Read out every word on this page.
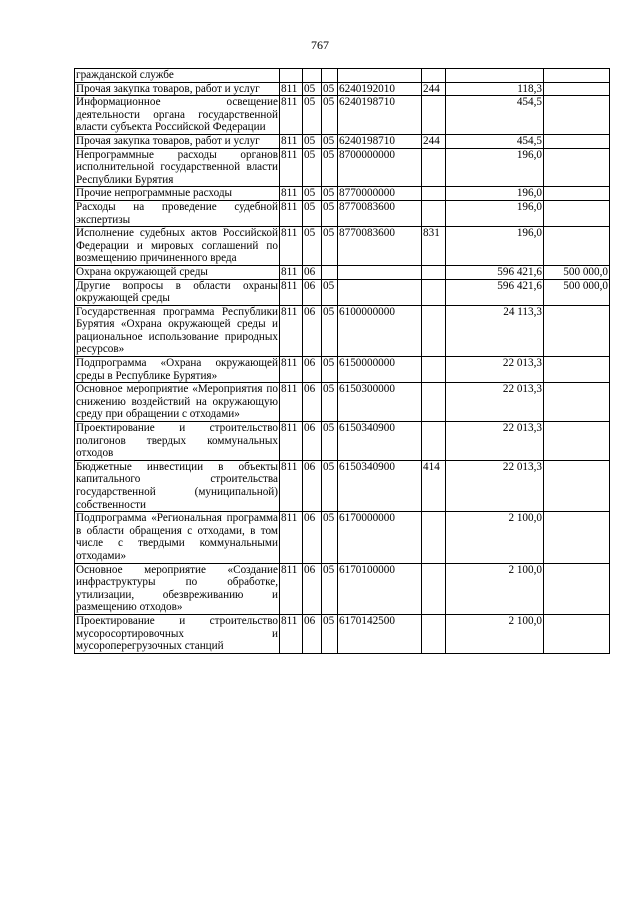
767
гражданской службе							
Прочая закупка товаров, работ и услуг	811	05	05	6240192010	244	118,3	
Информационное освещение деятельности органа государственной власти субъекта Российской Федерации	811	05	05	6240198710		454,5	
Прочая закупка товаров, работ и услуг	811	05	05	6240198710	244	454,5	
Непрограммные расходы органов исполнительной государственной власти Республики Бурятия	811	05	05	8700000000		196,0	
Прочие непрограммные расходы	811	05	05	8770000000		196,0	
Расходы на проведение судебной экспертизы	811	05	05	8770083600		196,0	
Исполнение судебных актов Российской Федерации и мировых соглашений по возмещению причиненного вреда	811	05	05	8770083600	831	196,0	
Охрана окружающей среды	811	06				596 421,6	500 000,0
Другие вопросы в области охраны окружающей среды	811	06	05			596 421,6	500 000,0
Государственная программа Республики Бурятия «Охрана окружающей среды и рациональное использование природных ресурсов»	811	06	05	6100000000		24 113,3	
Подпрограмма «Охрана окружающей среды в Республике Бурятия»	811	06	05	6150000000		22 013,3	
Основное мероприятие «Мероприятия по снижению воздействий на окружающую среду при обращении с отходами»	811	06	05	6150300000		22 013,3	
Проектирование и строительство полигонов твердых коммунальных отходов	811	06	05	6150340900		22 013,3	
Бюджетные инвестиции в объекты капитального строительства государственной (муниципальной) собственности	811	06	05	6150340900	414	22 013,3	
Подпрограмма «Региональная программа в области обращения с отходами, в том числе с твердыми коммунальными отходами»	811	06	05	6170000000		2 100,0	
Основное мероприятие «Создание инфраструктуры по обработке, утилизации, обезвреживанию и размещению отходов»	811	06	05	6170100000		2 100,0	
Проектирование и строительство мусоросортировочных и мусороперегрузочных станций	811	06	05	6170142500		2 100,0	
